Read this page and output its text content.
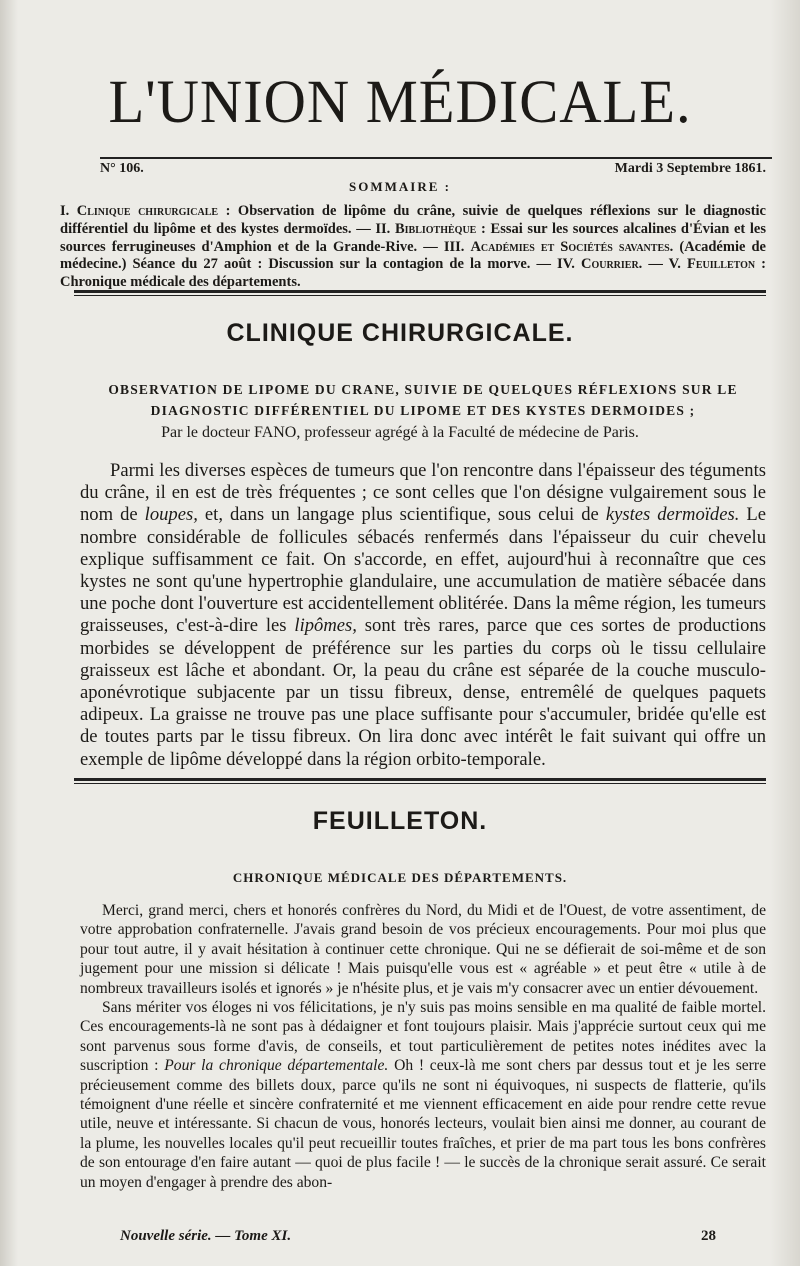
L'UNION MÉDICALE.
N° 106.	Mardi 3 Septembre 1861.
SOMMAIRE :
I. Clinique chirurgicale : Observation de lipôme du crâne, suivie de quelques réflexions sur le diagnostic différentiel du lipôme et des kystes dermoïdes. — II. Bibliothèque : Essai sur les sources alcalines d'Évian et les sources ferrugineuses d'Amphion et de la Grande-Rive. — III. Académies et Sociétés savantes. (Académie de médecine.) Séance du 27 août : Discussion sur la contagion de la morve. — IV. Courrier. — V. Feuilleton : Chronique médicale des départements.
CLINIQUE CHIRURGICALE.
OBSERVATION DE LIPOME DU CRANE, SUIVIE DE QUELQUES RÉFLEXIONS SUR LE DIAGNOSTIC DIFFÉRENTIEL DU LIPOME ET DES KYSTES DERMOIDES ;
Par le docteur FANO, professeur agrégé à la Faculté de médecine de Paris.

Parmi les diverses espèces de tumeurs que l'on rencontre dans l'épaisseur des téguments du crâne, il en est de très fréquentes ; ce sont celles que l'on désigne vulgairement sous le nom de loupes, et, dans un langage plus scientifique, sous celui de kystes dermoïdes. Le nombre considérable de follicules sébacés renfermés dans l'épaisseur du cuir chevelu explique suffisamment ce fait. On s'accorde, en effet, aujourd'hui à reconnaître que ces kystes ne sont qu'une hypertrophie glandulaire, une accumulation de matière sébacée dans une poche dont l'ouverture est accidentellement oblitérée. Dans la même région, les tumeurs graisseuses, c'est-à-dire les lipômes, sont très rares, parce que ces sortes de productions morbides se développent de préférence sur les parties du corps où le tissu cellulaire graisseux est lâche et abondant. Or, la peau du crâne est séparée de la couche musculo-aponévrotique subjacente par un tissu fibreux, dense, entremêlé de quelques paquets adipeux. La graisse ne trouve pas une place suffisante pour s'accumuler, bridée qu'elle est de toutes parts par le tissu fibreux. On lira donc avec intérêt le fait suivant qui offre un exemple de lipôme développé dans la région orbito-temporale.

FEUILLETON.
CHRONIQUE MÉDICALE DES DÉPARTEMENTS.

Merci, grand merci, chers et honorés confrères du Nord, du Midi et de l'Ouest, de votre assentiment, de votre approbation confraternelle. J'avais grand besoin de vos précieux encouragements. Pour moi plus que pour tout autre, il y avait hésitation à continuer cette chronique. Qui ne se défierait de soi-même et de son jugement pour une mission si délicate ! Mais puisqu'elle vous est « agréable » et peut être « utile à de nombreux travailleurs isolés et ignorés » je n'hésite plus, et je vais m'y consacrer avec un entier dévouement.

Sans mériter vos éloges ni vos félicitations, je n'y suis pas moins sensible en ma qualité de faible mortel. Ces encouragements-là ne sont pas à dédaigner et font toujours plaisir. Mais j'apprécie surtout ceux qui me sont parvenus sous forme d'avis, de conseils, et tout particulièrement de petites notes inédites avec la suscription : Pour la chronique départementale. Oh ! ceux-là me sont chers par dessus tout et je les serre précieusement comme des billets doux, parce qu'ils ne sont ni équivoques, ni suspects de flatterie, qu'ils témoignent d'une réelle et sincère confraternité et me viennent efficacement en aide pour rendre cette revue utile, neuve et intéressante. Si chacun de vous, honorés lecteurs, voulait bien ainsi me donner, au courant de la plume, les nouvelles locales qu'il peut recueillir toutes fraîches, et prier de ma part tous les bons confrères de son entourage d'en faire autant — quoi de plus facile ! — le succès de la chronique serait assuré. Ce serait un moyen d'engager à prendre des abon-

Nouvelle série. — Tome XI.	28
